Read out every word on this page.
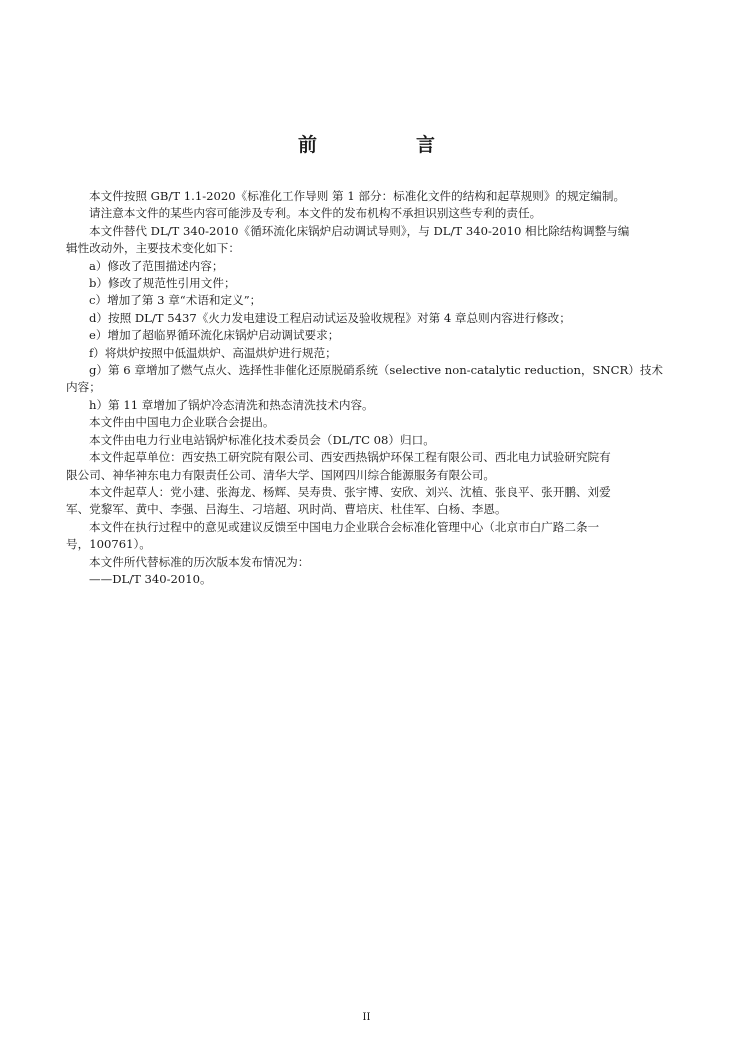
前　言

本文件按照 GB/T 1.1-2020《标准化工作导则 第 1 部分：标准化文件的结构和起草规则》的规定编制。

请注意本文件的某些内容可能涉及专利。本文件的发布机构不承担识别这些专利的责任。

本文件替代 DL/T 340-2010《循环流化床锅炉启动调试导则》，与 DL/T 340-2010 相比除结构调整与编

辑性改动外，主要技术变化如下：

a）修改了范围描述内容；

b）修改了规范性引用文件；

c）增加了第 3 章“术语和定义”；

d）按照 DL/T 5437《火力发电建设工程启动试运及验收规程》对第 4 章总则内容进行修改；

e）增加了超临界循环流化床锅炉启动调试要求；

f）将烘炉按照中低温烘炉、高温烘炉进行规范；

g）第 6 章增加了燃气点火、选择性非催化还原脱硝系统（selective non-catalytic reduction，SNCR）技术

内容；

h）第 11 章增加了锅炉冷态清洗和热态清洗技术内容。

本文件由中国电力企业联合会提出。

本文件由电力行业电站锅炉标准化技术委员会（DL/TC 08）归口。

本文件起草单位：西安热工研究院有限公司、西安西热锅炉环保工程有限公司、西北电力试验研究院有

限公司、神华神东电力有限责任公司、清华大学、国网四川综合能源服务有限公司。

本文件起草人：党小建、张海龙、杨辉、吴寿贵、张宇博、安欣、刘兴、沈植、张良平、张开鹏、刘爱

军、党黎军、黄中、李强、吕海生、刁培超、巩时尚、曹培庆、杜佳军、白杨、李恩。

本文件在执行过程中的意见或建议反馈至中国电力企业联合会标准化管理中心（北京市白广路二条一

号，100761）。

本文件所代替标准的历次版本发布情况为：

——DL/T 340-2010。

II
